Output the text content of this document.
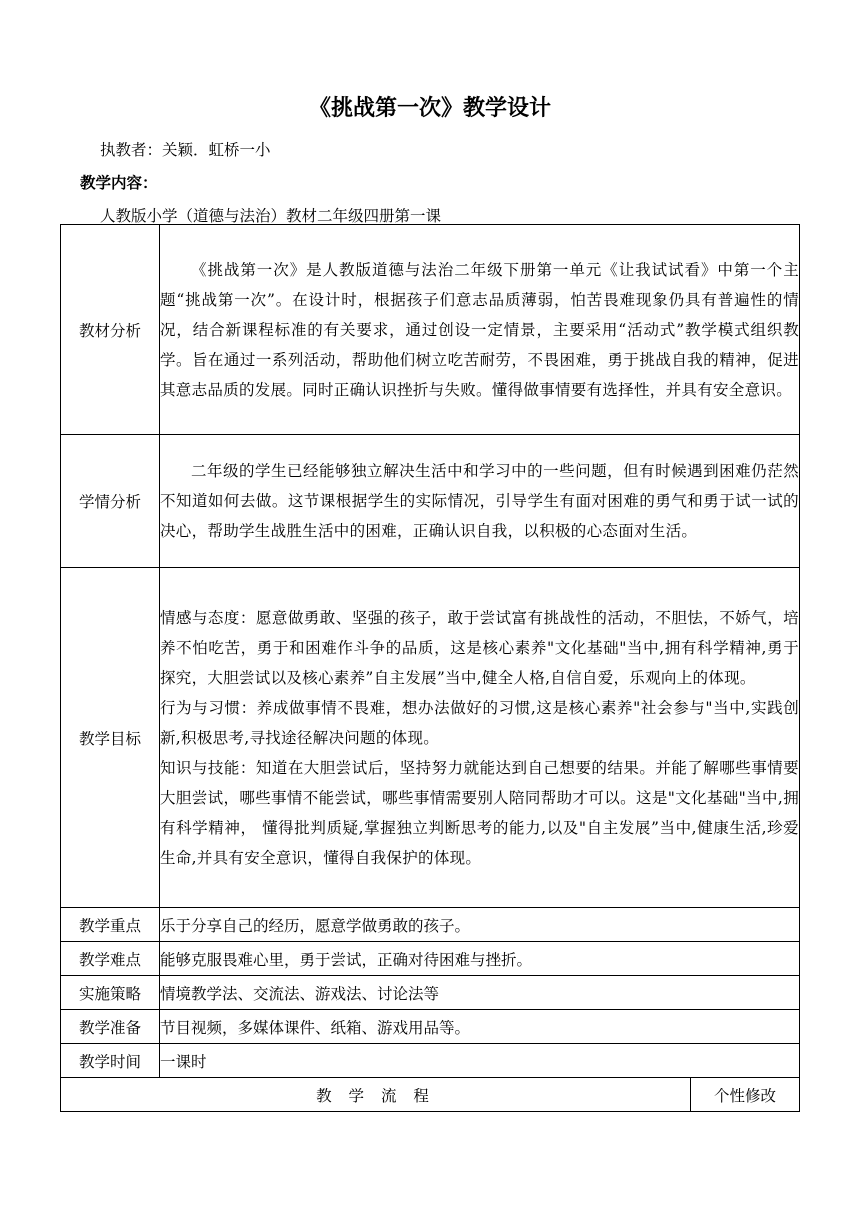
《挑战第一次》教学设计
执教者：关颖．虹桥一小
教学内容：
人教版小学（道德与法治）教材二年级四册第一课
教材分析	《挑战第一次》是人教版道德与法治二年级下册第一单元《让我试试看》中第一个主题“挑战第一次”。在设计时，根据孩子们意志品质薄弱，怕苦畏难现象仍具有普遍性的情况，结合新课程标准的有关要求，通过创设一定情景，主要采用“活动式”教学模式组织教学。旨在通过一系列活动，帮助他们树立吃苦耐劳，不畏困难，勇于挑战自我的精神，促进其意志品质的发展。同时正确认识挫折与失败。懂得做事情要有选择性，并具有安全意识。	
学情分析	二年级的学生已经能够独立解决生活中和学习中的一些问题，但有时候遇到困难仍茫然不知道如何去做。这节课根据学生的实际情况，引导学生有面对困难的勇气和勇于试一试的决心，帮助学生战胜生活中的困难，正确认识自我，以积极的心态面对生活。	
教学目标	情感与态度：愿意做勇敢、坚强的孩子，敢于尝试富有挑战性的活动，不胆怯，不娇气，培养不怕吃苦，勇于和困难作斗争的品质，这是核心素养"文化基础"当中,拥有科学精神,勇于探究，大胆尝试以及核心素养”自主发展”当中,健全人格,自信自爱，乐观向上的体现。

行为与习惯：养成做事情不畏难，想办法做好的习惯,这是核心素养"社会参与"当中,实践创新,积极思考,寻找途径解决问题的体现。

知识与技能：知道在大胆尝试后，坚持努力就能达到自己想要的结果。并能了解哪些事情要大胆尝试，哪些事情不能尝试，哪些事情需要别人陪同帮助才可以。这是"文化基础"当中,拥有科学精神， 懂得批判质疑,掌握独立判断思考的能力,以及"自主发展”当中,健康生活,珍爱生命,并具有安全意识，懂得自我保护的体现。	

教学重点	乐于分享自己的经历，愿意学做勇敢的孩子。	
教学难点	能够克服畏难心里，勇于尝试，正确对待困难与挫折。	
实施策略	情境教学法、交流法、游戏法、讨论法等	
教学准备	节目视频，多媒体课件、纸箱、游戏用品等。	
教学时间	一课时	
教 学 流 程		个性修改
